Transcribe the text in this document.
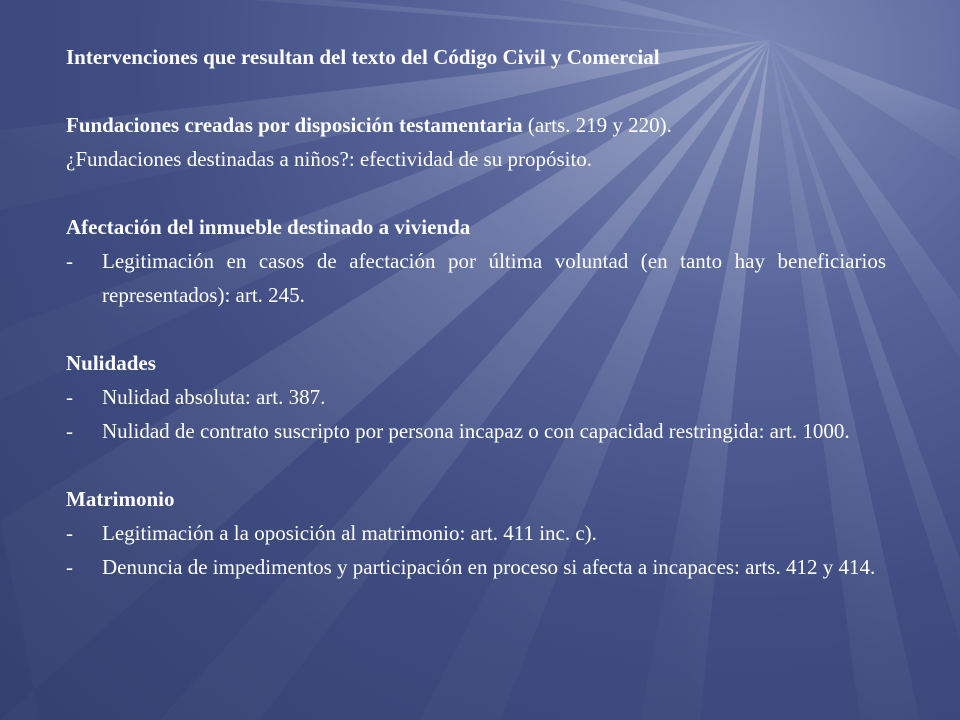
Intervenciones que resultan del texto del Código Civil y Comercial

Fundaciones creadas por disposición testamentaria (arts. 219 y 220).

¿Fundaciones destinadas a niños?: efectividad de su propósito.

Afectación del inmueble destinado a vivienda

-	Legitimación en casos de afectación por última voluntad (en tanto hay beneficiarios representados): art. 245.

Nulidades

-	Nulidad absoluta: art. 387.
-	Nulidad de contrato suscripto por persona incapaz o con capacidad restringida: art. 1000.

Matrimonio

-	Legitimación a la oposición al matrimonio: art. 411 inc. c).
-	Denuncia de impedimentos y participación en proceso si afecta a incapaces: arts. 412 y 414.
